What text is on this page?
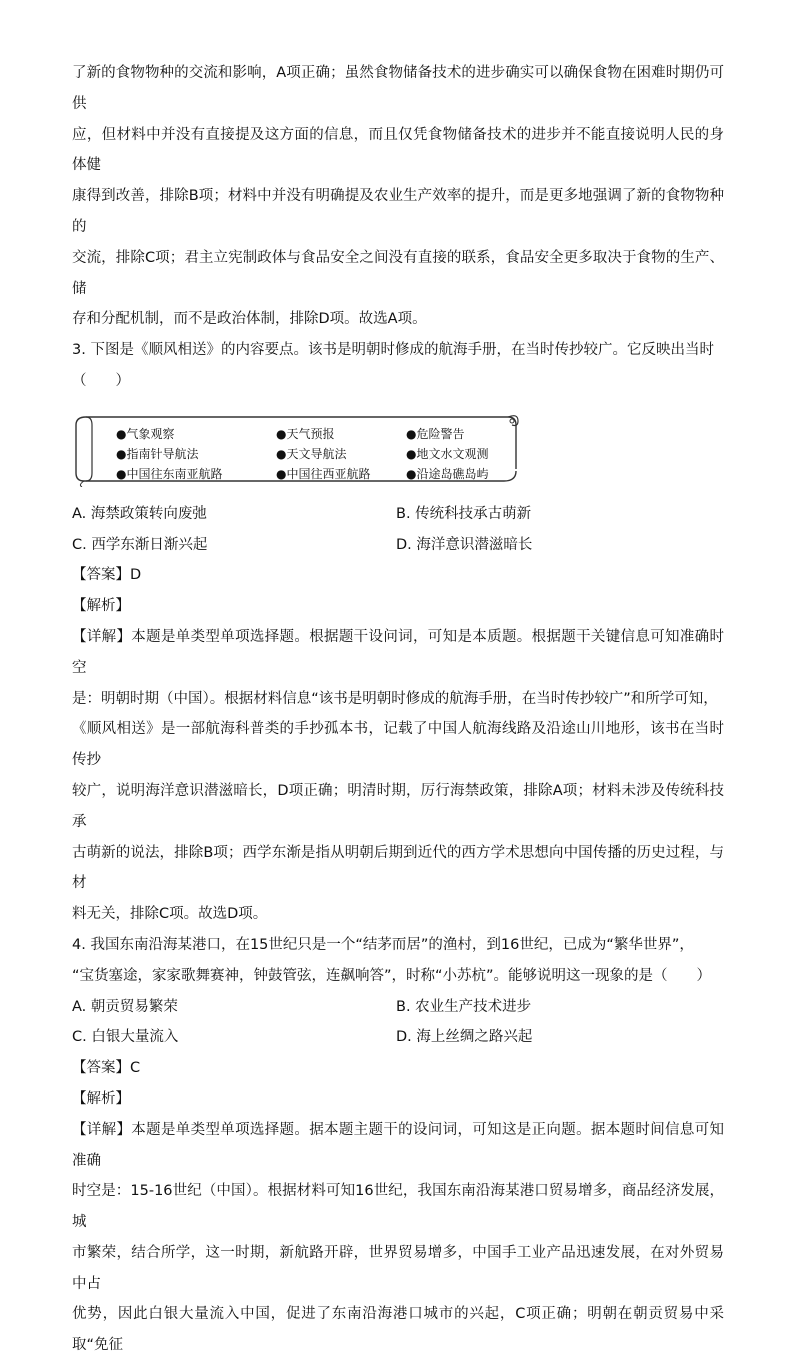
了新的食物物种的交流和影响，A项正确；虽然食物储备技术的进步确实可以确保食物在困难时期仍可供

应，但材料中并没有直接提及这方面的信息，而且仅凭食物储备技术的进步并不能直接说明人民的身体健

康得到改善，排除B项；材料中并没有明确提及农业生产效率的提升，而是更多地强调了新的食物物种的

交流，排除C项；君主立宪制政体与食品安全之间没有直接的联系，食品安全更多取决于食物的生产、储

存和分配机制，而不是政治体制，排除D项。故选A项。

3. 下图是《顺风相送》的内容要点。该书是明朝时修成的航海手册，在当时传抄较广。它反映出当时

（　　）

●气象观察	●天气预报	●危险警告
●指南针导航法	●天文导航法	●地文水文观测
●中国往东南亚航路	●中国往西亚航路	●沿途岛礁岛屿
A. 海禁政策转向废弛	B. 传统科技承古萌新
C. 西学东渐日渐兴起	D. 海洋意识潜滋暗长

【答案】D

【解析】

【详解】本题是单类型单项选择题。根据题干设问词，可知是本质题。根据题干关键信息可知准确时空

是：明朝时期（中国）。根据材料信息“该书是明朝时修成的航海手册，在当时传抄较广”和所学可知，

《顺风相送》是一部航海科普类的手抄孤本书，记载了中国人航海线路及沿途山川地形，该书在当时传抄

较广，说明海洋意识潜滋暗长，D项正确；明清时期，厉行海禁政策，排除A项；材料未涉及传统科技承

古萌新的说法，排除B项；西学东渐是指从明朝后期到近代的西方学术思想向中国传播的历史过程，与材

料无关，排除C项。故选D项。

4. 我国东南沿海某港口，在15世纪只是一个“结茅而居”的渔村，到16世纪，已成为“繁华世界”，

“宝货塞途，家家歌舞赛神，钟鼓管弦，连飙响答”，时称“小苏杭”。能够说明这一现象的是（　　）

A. 朝贡贸易繁荣	B. 农业生产技术进步
C. 白银大量流入	D. 海上丝绸之路兴起

【答案】C

【解析】

【详解】本题是单类型单项选择题。据本题主题干的设问词，可知这是正向题。据本题时间信息可知准确

时空是：15-16世纪（中国）。根据材料可知16世纪，我国东南沿海某港口贸易增多，商品经济发展，城

市繁荣，结合所学，这一时期，新航路开辟，世界贸易增多，中国手工业产品迅速发展，在对外贸易中占

优势，因此白银大量流入中国，促进了东南沿海港口城市的兴起，C项正确；明朝在朝贡贸易中采取“免征
